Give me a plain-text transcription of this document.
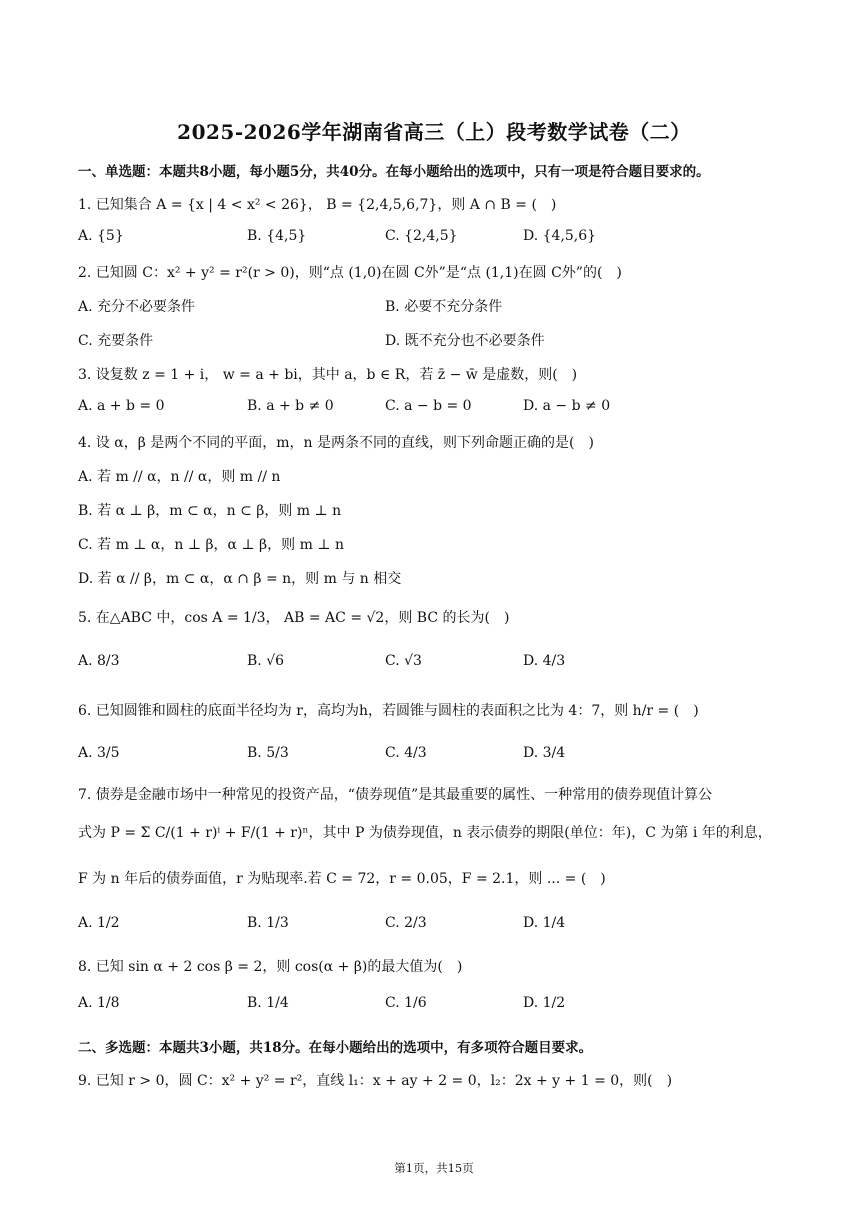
2025-2026学年湖南省高三（上）段考数学试卷（二）
一、单选题：本题共8小题，每小题5分，共40分。在每小题给出的选项中，只有一项是符合题目要求的。
1. 已知集合 A = {x | 4 < x² < 26}， B = {2,4,5,6,7}，则 A ∩ B = (　)
A. {5}	B. {4,5}	C. {2,4,5}	D. {4,5,6}
2. 已知圆 C：x² + y² = r²(r > 0)，则“点 (1,0)在圆 C外”是“点 (1,1)在圆 C外”的(　)
A. 充分不必要条件	B. 必要不充分条件
C. 充要条件	D. 既不充分也不必要条件
3. 设复数 z = 1 + i， w = a + bi，其中 a，b ∈ R，若 z̄ − w̄ 是虚数，则(　)
A. a + b = 0	B. a + b ≠ 0	C. a − b = 0	D. a − b ≠ 0
4. 设 α，β 是两个不同的平面，m，n 是两条不同的直线，则下列命题正确的是(　)
A. 若 m // α，n // α，则 m // n
B. 若 α ⊥ β，m ⊂ α，n ⊂ β，则 m ⊥ n
C. 若 m ⊥ α，n ⊥ β，α ⊥ β，则 m ⊥ n
D. 若 α // β，m ⊂ α，α ∩ β = n，则 m 与 n 相交
5. 在△ABC 中，cos A = 1/3， AB = AC = √2，则 BC 的长为(　)
A. 8/3	B. √6	C. √3	D. 4/3
6. 已知圆锥和圆柱的底面半径均为 r，高均为h，若圆锥与圆柱的表面积之比为 4：7，则 h/r = (　)
A. 3/5	B. 5/3	C. 4/3	D. 3/4
7. 债券是金融市场中一种常见的投资产品，“债券现值”是其最重要的属性、一种常用的债券现值计算公
式为 P = Σ C/(1 + r)ⁱ + F/(1 + r)ⁿ，其中 P 为债券现值，n 表示债券的期限(单位：年)，C 为第 i 年的利息，
F 为 n 年后的债券面值，r 为贴现率.若 C = 72，r = 0.05，F = 2.1，则 ... = (　)
A. 1/2	B. 1/3	C. 2/3	D. 1/4
8. 已知 sin α + 2 cos β = 2，则 cos(α + β)的最大值为(　)
A. 1/8	B. 1/4	C. 1/6	D. 1/2
二、多选题：本题共3小题，共18分。在每小题给出的选项中，有多项符合题目要求。
9. 已知 r > 0，圆 C：x² + y² = r²，直线 l₁：x + ay + 2 = 0，l₂：2x + y + 1 = 0，则(　)
第1页，共15页
